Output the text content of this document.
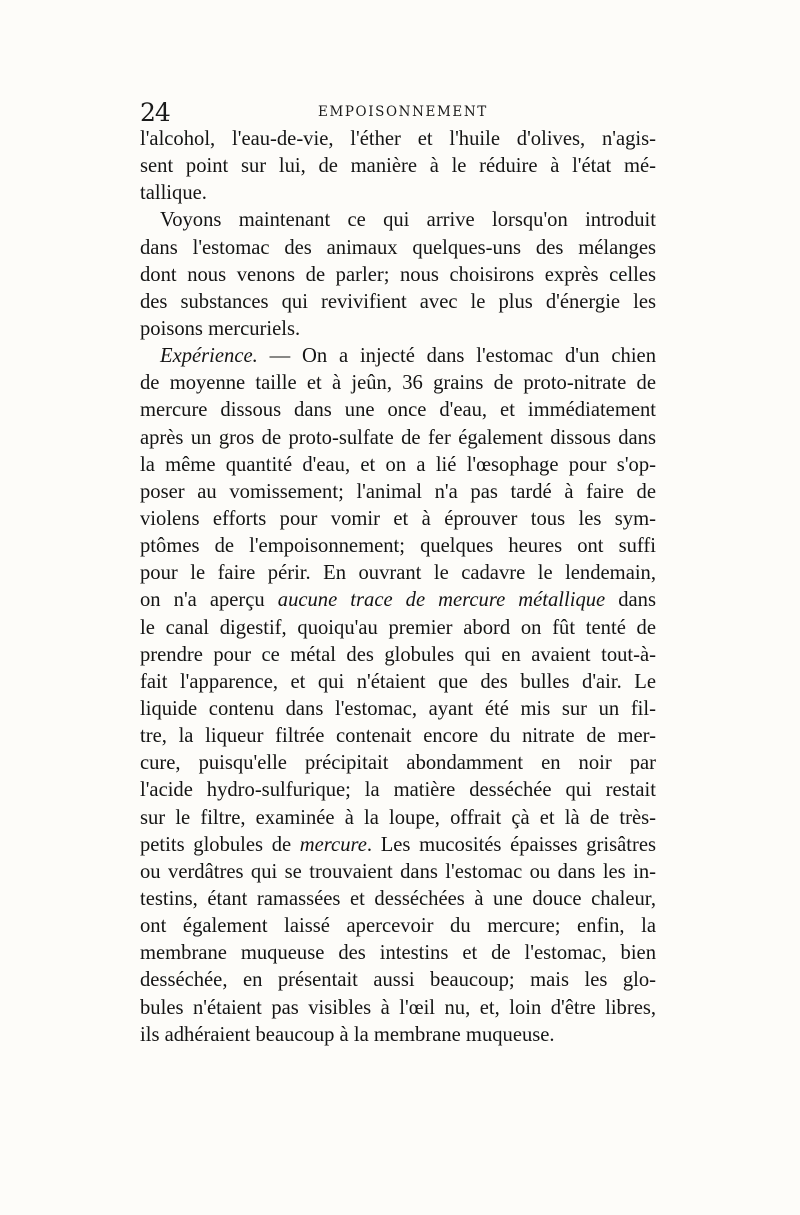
24	EMPOISONNEMENT
l'alcohol, l'eau-de-vie, l'éther et l'huile d'olives, n'agis-
sent point sur lui, de manière à le réduire à l'état mé-
tallique.
Voyons maintenant ce qui arrive lorsqu'on introduit
dans l'estomac des animaux quelques-uns des mélanges
dont nous venons de parler; nous choisirons exprès celles
des substances qui revivifient avec le plus d'énergie les
poisons mercuriels.
Expérience. — On a injecté dans l'estomac d'un chien
de moyenne taille et à jeûn, 36 grains de proto-nitrate de
mercure dissous dans une once d'eau, et immédiatement
après un gros de proto-sulfate de fer également dissous dans
la même quantité d'eau, et on a lié l'œsophage pour s'op-
poser au vomissement; l'animal n'a pas tardé à faire de
violens efforts pour vomir et à éprouver tous les sym-
ptômes de l'empoisonnement; quelques heures ont suffi
pour le faire périr. En ouvrant le cadavre le lendemain,
on n'a aperçu aucune trace de mercure métallique dans
le canal digestif, quoiqu'au premier abord on fût tenté de
prendre pour ce métal des globules qui en avaient tout-à-
fait l'apparence, et qui n'étaient que des bulles d'air. Le
liquide contenu dans l'estomac, ayant été mis sur un fil-
tre, la liqueur filtrée contenait encore du nitrate de mer-
cure, puisqu'elle précipitait abondamment en noir par
l'acide hydro-sulfurique; la matière desséchée qui restait
sur le filtre, examinée à la loupe, offrait çà et là de très-
petits globules de mercure. Les mucosités épaisses grisâtres
ou verdâtres qui se trouvaient dans l'estomac ou dans les in-
testins, étant ramassées et desséchées à une douce chaleur,
ont également laissé apercevoir du mercure; enfin, la
membrane muqueuse des intestins et de l'estomac, bien
desséchée, en présentait aussi beaucoup; mais les glo-
bules n'étaient pas visibles à l'œil nu, et, loin d'être libres,
ils adhéraient beaucoup à la membrane muqueuse.
